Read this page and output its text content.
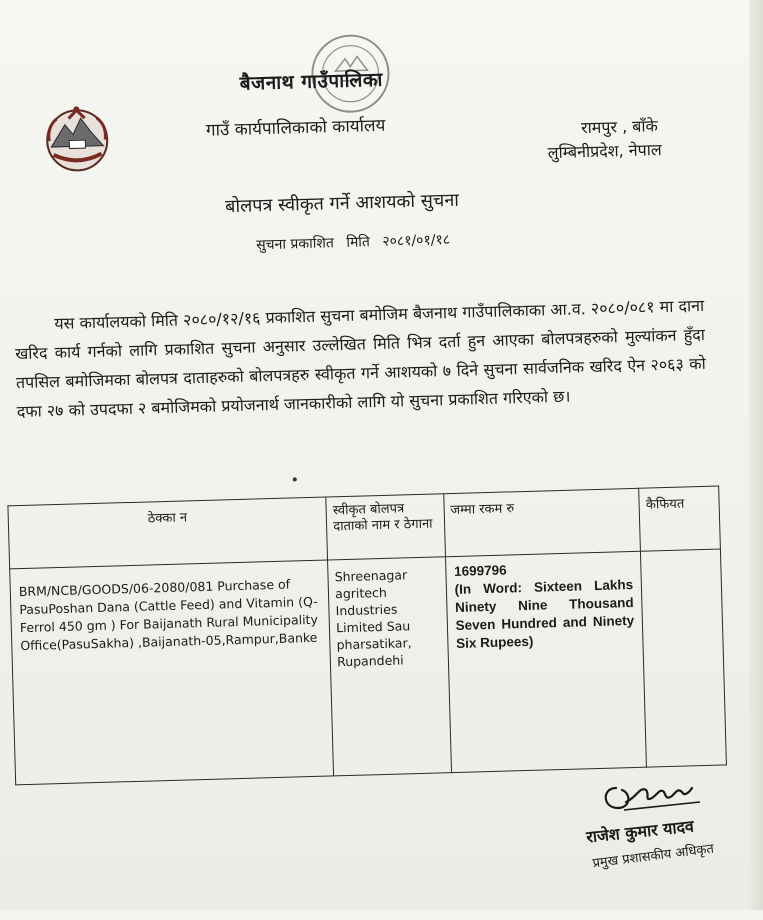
बैजनाथ गाउँपालिका
गाउँ कार्यपालिकाको कार्यालय	रामपुर , बाँके
लुम्बिनीप्रदेश, नेपाल
बोलपत्र स्वीकृत गर्ने आशयको सुचना
सुचना प्रकाशित मिति २०८१/०१/१८
यस कार्यालयको मिति २०८०/१२/१६ प्रकाशित सुचना बमोजिम बैजनाथ गाउँपालिकाका आ.व. २०८०/०८१ मा दाना खरिद कार्य गर्नको लागि प्रकाशित सुचना अनुसार उल्लेखित मिति भित्र दर्ता हुन आएका बोलपत्रहरुको मुल्यांकन हुँदा तपसिल बमोजिमका बोलपत्र दाताहरुको बोलपत्रहरु स्वीकृत गर्ने आशयको ७ दिने सुचना सार्वजनिक खरिद ऐन २०६३ को दफा २७ को उपदफा २ बमोजिमको प्रयोजनार्थ जानकारीको लागि यो सुचना प्रकाशित गरिएको छ।
ठेक्का न	स्वीकृत बोलपत्र दाताको नाम र ठेगाना	जम्मा रकम रु	कैफियत
BRM/NCB/GOODS/06-2080/081 Purchase of PasuPoshan Dana (Cattle Feed) and Vitamin (Q-Ferrol 450 gm ) For Baijanath Rural Municipality Office(PasuSakha) ,Baijanath-05,Rampur,Banke	Shreenagar agritech Industries Limited Sau pharsatikar, Rupandehi	1699796
(In Word: Sixteen Lakhs Ninety Nine Thousand Seven Hundred and Ninety Six Rupees)	

राजेश कुमार यादव
प्रमुख प्रशासकीय अधिकृत
